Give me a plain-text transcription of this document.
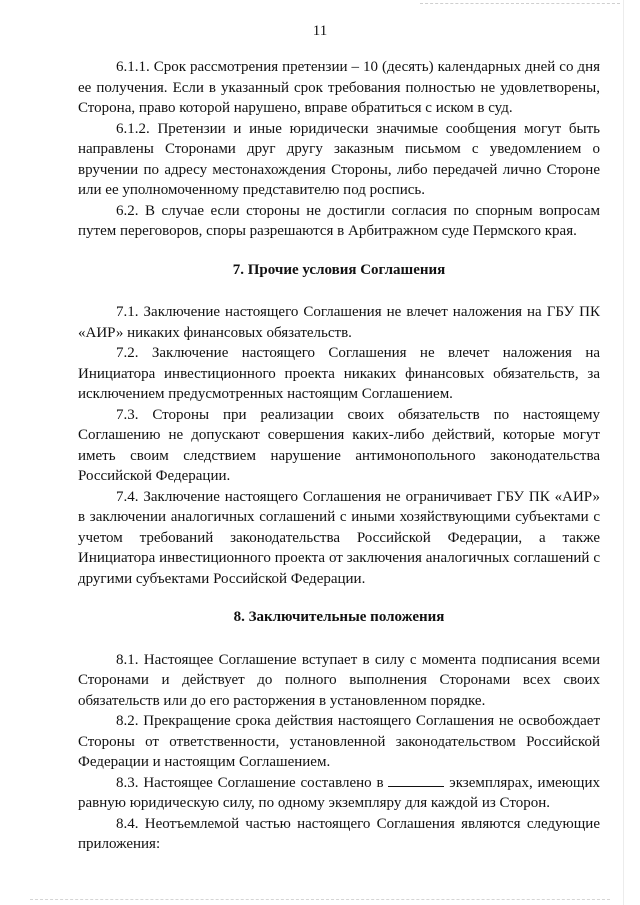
11

6.1.1. Срок рассмотрения претензии – 10 (десять) календарных дней со дня ее получения. Если в указанный срок требования полностью не удовлетворены, Сторона, право которой нарушено, вправе обратиться с иском в суд.

6.1.2. Претензии и иные юридически значимые сообщения могут быть направлены Сторонами друг другу заказным письмом с уведомлением о вручении по адресу местонахождения Стороны, либо передачей лично Стороне или ее уполномоченному представителю под роспись.

6.2. В случае если стороны не достигли согласия по спорным вопросам путем переговоров, споры разрешаются в Арбитражном суде Пермского края.

7. Прочие условия Соглашения

7.1. Заключение настоящего Соглашения не влечет наложения на ГБУ ПК «АИР» никаких финансовых обязательств.

7.2. Заключение настоящего Соглашения не влечет наложения на Инициатора инвестиционного проекта никаких финансовых обязательств, за исключением предусмотренных настоящим Соглашением.

7.3. Стороны при реализации своих обязательств по настоящему Соглашению не допускают совершения каких-либо действий, которые могут иметь своим следствием нарушение антимонопольного законодательства Российской Федерации.

7.4. Заключение настоящего Соглашения не ограничивает ГБУ ПК «АИР» в заключении аналогичных соглашений с иными хозяйствующими субъектами с учетом требований законодательства Российской Федерации, а также Инициатора инвестиционного проекта от заключения аналогичных соглашений с другими субъектами Российской Федерации.

8. Заключительные положения

8.1. Настоящее Соглашение вступает в силу с момента подписания всеми Сторонами и действует до полного выполнения Сторонами всех своих обязательств или до его расторжения в установленном порядке.

8.2. Прекращение срока действия настоящего Соглашения не освобождает Стороны от ответственности, установленной законодательством Российской Федерации и настоящим Соглашением.

8.3. Настоящее Соглашение составлено в	экземплярах, имеющих равную юридическую силу, по одному экземпляру для каждой из Сторон.

8.4. Неотъемлемой частью настоящего Соглашения являются следующие приложения:
